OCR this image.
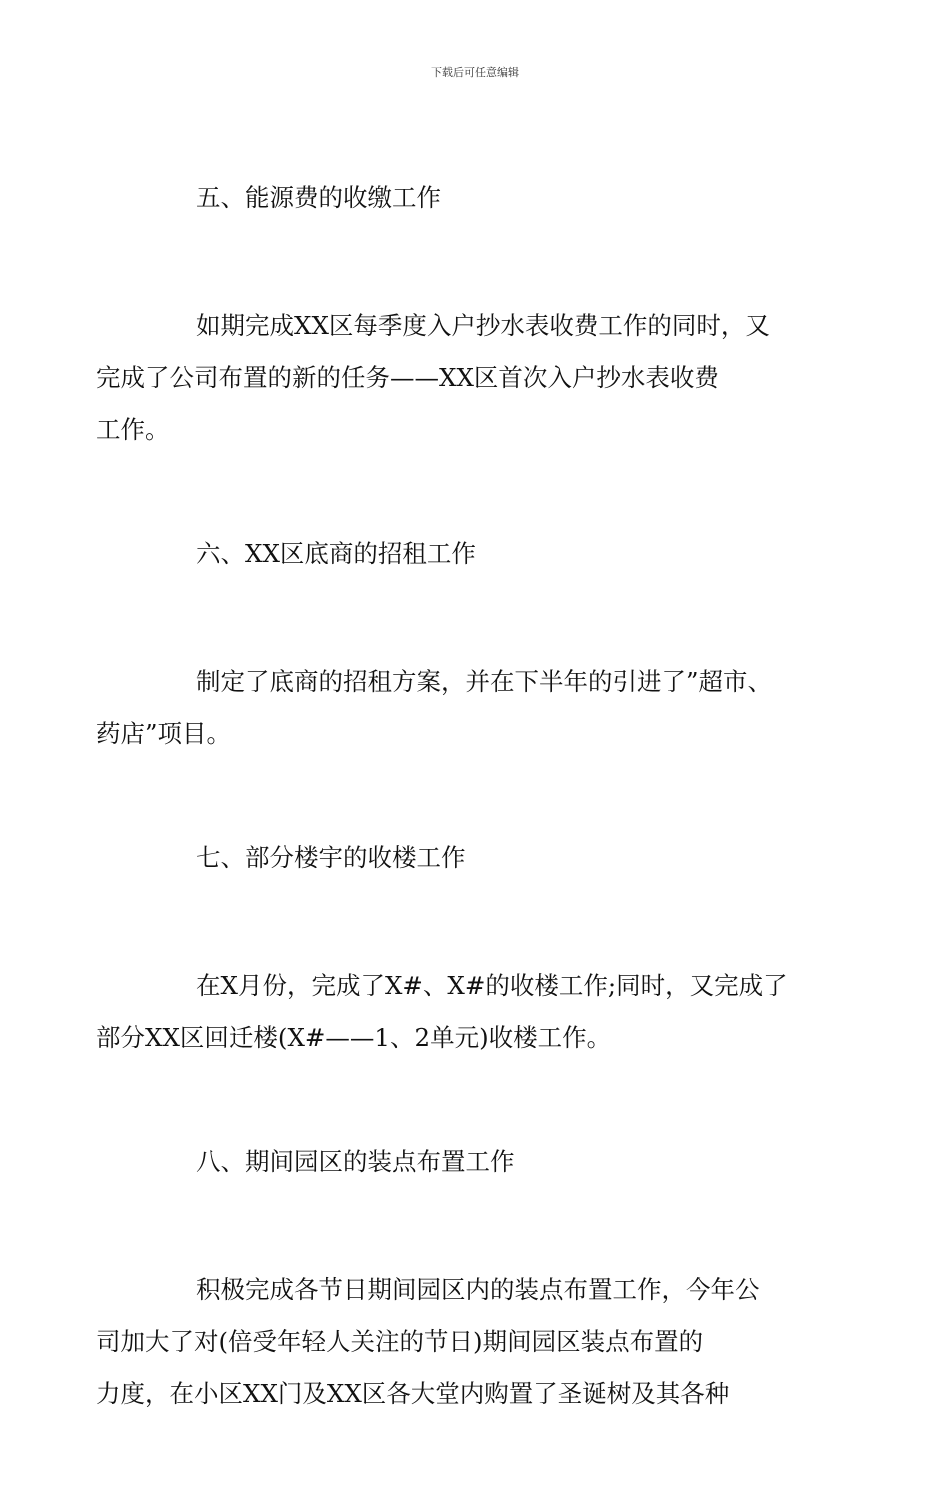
下载后可任意编辑
五、能源费的收缴工作
如期完成XX区每季度入户抄水表收费工作的同时，又
完成了公司布置的新的任务——XX区首次入户抄水表收费
工作。
六、XX区底商的招租工作
制定了底商的招租方案，并在下半年的引进了”超市、
药店”项目。
七、部分楼宇的收楼工作
在X月份，完成了X#、X#的收楼工作;同时，又完成了
部分XX区回迁楼(X#——1、2单元)收楼工作。
八、期间园区的装点布置工作
积极完成各节日期间园区内的装点布置工作，今年公
司加大了对(倍受年轻人关注的节日)期间园区装点布置的
力度，在小区XX门及XX区各大堂内购置了圣诞树及其各种
